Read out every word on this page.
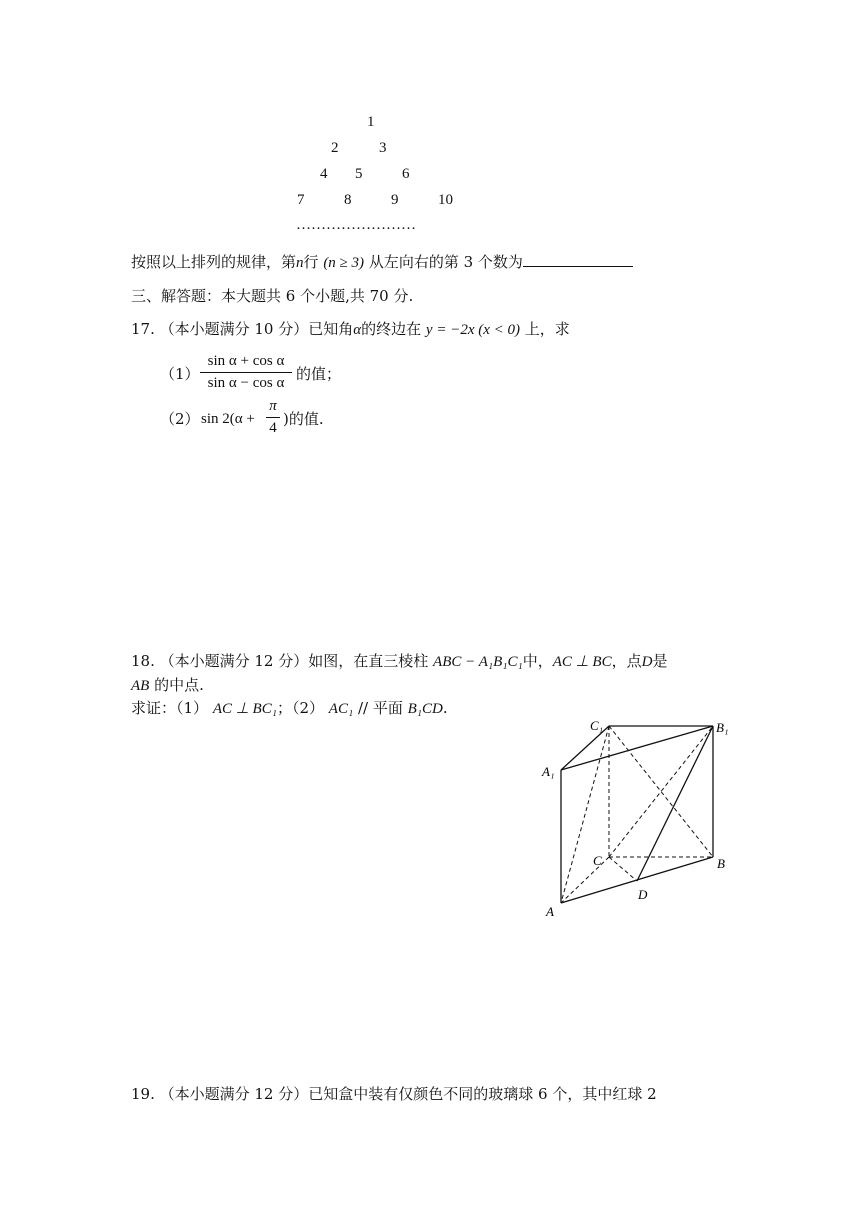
1
2	3
4 5	6
7	8	9	10
……………………
按照以上排列的规律，第n行 (n ≥ 3) 从左向右的第 3 个数为
三、解答题：本大题共 6 个小题,共 70 分.
17. （本小题满分 10 分）已知角α的终边在 y = −2x (x < 0) 上，求
（1）
sin α + cos α
sin α − cos α 的值；
（2） sin 2(α +
π
4 )的值.
18. （本小题满分 12 分）如图，在直三棱柱 ABC − A₁B₁C₁中，AC ⊥ BC，点D是
AB 的中点.
求证：（1） AC ⊥ BC₁；（2） AC₁ // 平面 B₁CD.
C₁	B₁
A₁
C	B
D
A
19. （本小题满分 12 分）已知盒中装有仅颜色不同的玻璃球 6 个，其中红球 2
